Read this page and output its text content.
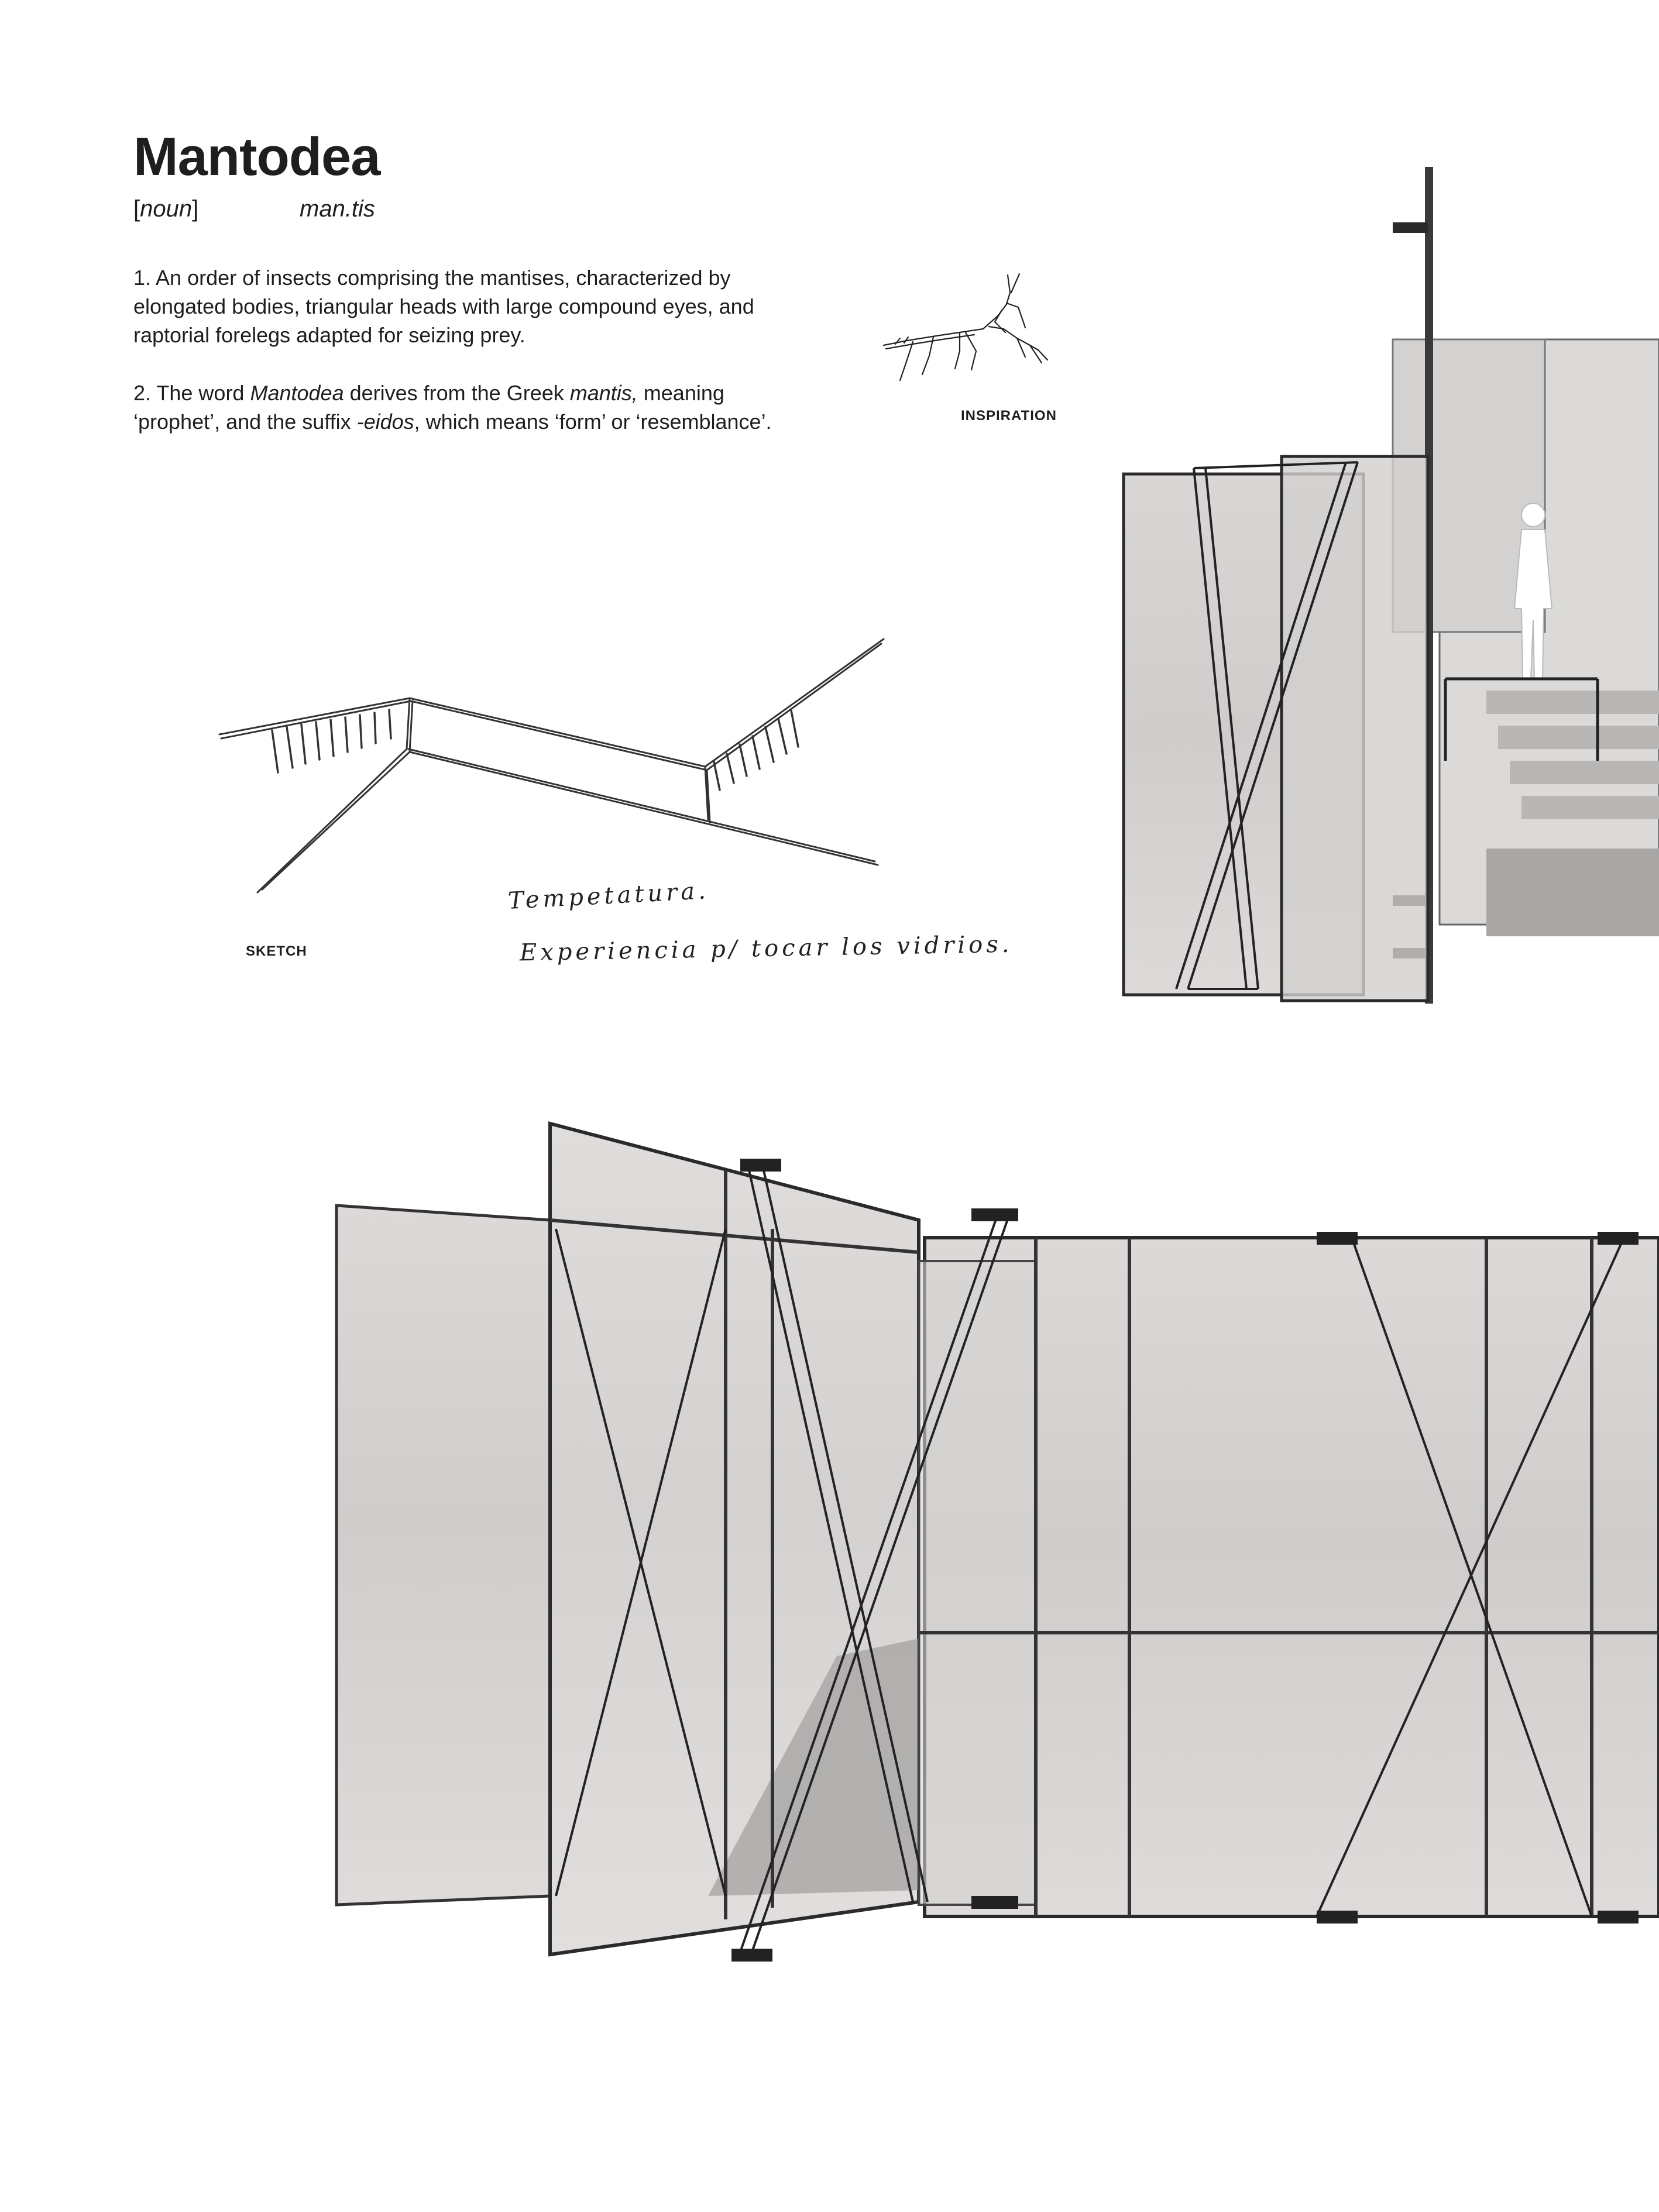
Mantodea
[noun]	man.tis

1. An order of insects comprising the mantises, characterized by elongated bodies, triangular heads with large compound eyes, and raptorial forelegs adapted for seizing prey.

2. The word Mantodea derives from the Greek mantis, meaning ‘prophet’, and the suffix -eidos, which means ‘form’ or ‘resemblance’.	INSPIRATION
Tempetatura.
Experiencia p/ tocar los vidrios.
SKETCH
